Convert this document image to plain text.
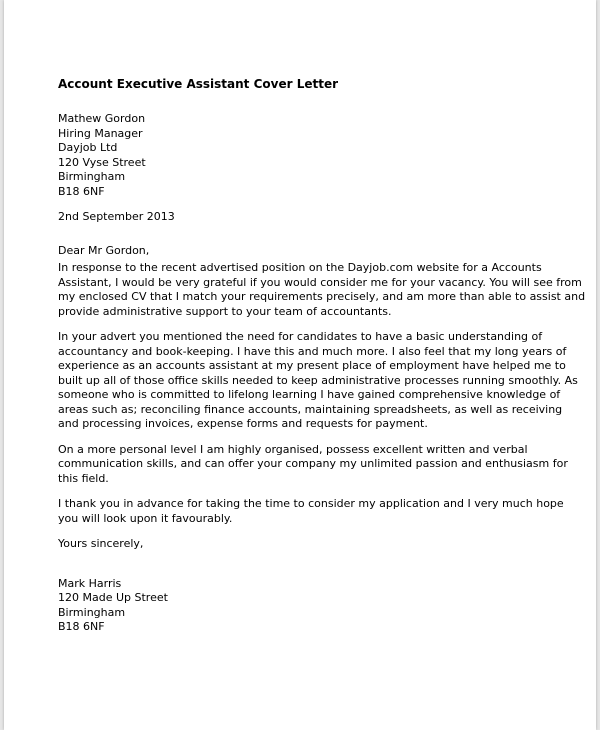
Account Executive Assistant Cover Letter

Mathew Gordon

Hiring Manager

Dayjob Ltd

120 Vyse Street

Birmingham

B18 6NF

2nd September 2013

Dear Mr Gordon,

In response to the recent advertised position on the Dayjob.com website for a Accounts
Assistant, I would be very grateful if you would consider me for your vacancy. You will see from
my enclosed CV that I match your requirements precisely, and am more than able to assist and
provide administrative support to your team of accountants.
In your advert you mentioned the need for candidates to have a basic understanding of
accountancy and book-keeping. I have this and much more. I also feel that my long years of
experience as an accounts assistant at my present place of employment have helped me to
built up all of those office skills needed to keep administrative processes running smoothly. As
someone who is committed to lifelong learning I have gained comprehensive knowledge of
areas such as; reconciling finance accounts, maintaining spreadsheets, as well as receiving
and processing invoices, expense forms and requests for payment.
On a more personal level I am highly organised, possess excellent written and verbal
communication skills, and can offer your company my unlimited passion and enthusiasm for
this field.
I thank you in advance for taking the time to consider my application and I very much hope
you will look upon it favourably.

Yours sincerely,

Mark Harris

120 Made Up Street

Birmingham

B18 6NF
